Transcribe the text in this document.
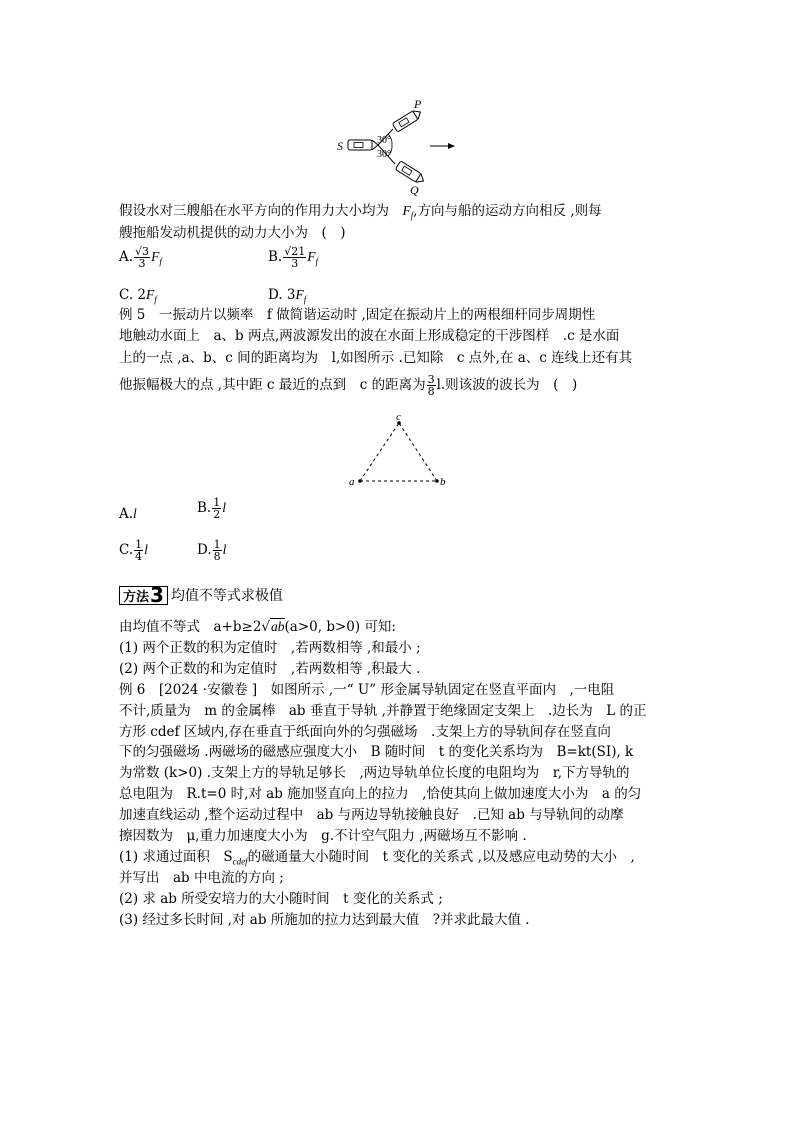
P
S
Q
30°
30°
假设水对三艘船在水平方向的作用力大小均为　 $F_f$,方向与船的运动方向相反 ,则每
艘拖船发动机提供的动力大小为　(　)
A. $\frac{√3}{3} F_f$	B. $\frac{√21}{3} F_f$
C. $2F_f$	D. $3F_f$
例 5　一振动片以频率　f 做简谐运动时 ,固定在振动片上的两根细杆同步周期性
地触动水面上　a、b 两点,两波源发出的波在水面上形成稳定的干涉图样　.c 是水面
上的一点 ,a、b、c 间的距离均为　l,如图所示 .已知除　c 点外,在 a、c 连线上还有其
他振幅极大的点 ,其中距 c 最近的点到　c 的距离为 $\frac{3}{8} l$.则该波的波长为　(　)
a	b
c
A.l	B. $\frac{1}{2}$ l
C. $\frac{1}{4}$ l	D. $\frac{1}{8}$ l
方法 3 均值不等式求极值
由均值不等式　a+b≥2√ab(a>0, b>0) 可知:
(1) 两个正数的积为定值时　,若两数相等 ,和最小 ;
(2) 两个正数的和为定值时　,若两数相等 ,积最大 .
例 6　[2024 ·安徽卷 ]　如图所示 ,一“ U” 形金属导轨固定在竖直平面内　,一电阻
不计,质量为　m 的金属棒　ab 垂直于导轨 ,并静置于绝缘固定支架上　.边长为　L 的正
方形 cdef 区域内,存在垂直于纸面向外的匀强磁场　.支架上方的导轨间存在竖直向
下的匀强磁场 .两磁场的磁感应强度大小　B 随时间　t 的变化关系均为　B=kt(SI), k
为常数 (k>0) .支架上方的导轨足够长　,两边导轨单位长度的电阻均为　r,下方导轨的
总电阻为　R.t=0 时,对 ab 施加竖直向上的拉力　,恰使其向上做加速度大小为　a 的匀
加速直线运动 ,整个运动过程中　ab 与两边导轨接触良好　.已知 ab 与导轨间的动摩
擦因数为　μ,重力加速度大小为　g.不计空气阻力 ,两磁场互不影响 .
(1) 求通过面积　$S_{cdef}$的磁通量大小随时间　t 变化的关系式 ,以及感应电动势的大小　,
并写出　ab 中电流的方向 ;
(2) 求 ab 所受安培力的大小随时间　t 变化的关系式 ;
(3) 经过多长时间 ,对 ab 所施加的拉力达到最大值　?并求此最大值 .
